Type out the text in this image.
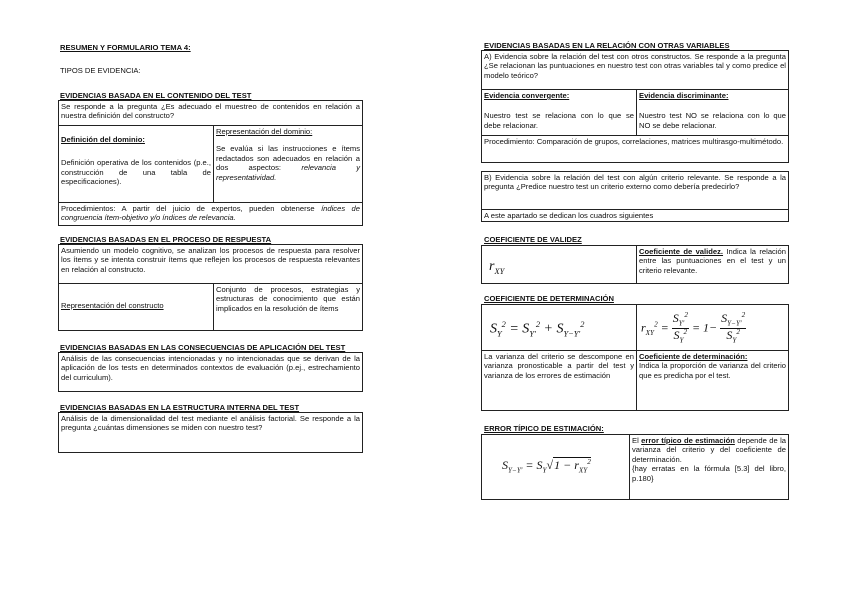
RESUMEN Y FORMULARIO TEMA 4:
TIPOS DE EVIDENCIA:
EVIDENCIAS BASADA EN EL CONTENIDO DEL TEST
Se responde a la pregunta ¿Es adecuado el muestreo de contenidos en relación a nuestra definición del constructo?
Definición del dominio:
Definición operativa de los contenidos (p.e., construcción de una tabla de especificaciones).
Representación del dominio:
Se evalúa si las instrucciones e ítems redactados son adecuados en relación a dos aspectos:	relevancia y representatividad.
Procedimientos: A partir del juicio de expertos, pueden obtenerse índices de congruencia ítem-objetivo y/o índices de relevancia.
EVIDENCIAS BASADAS EN EL PROCESO DE RESPUESTA
Asumiendo un modelo cognitivo, se analizan los procesos de respuesta para resolver los ítems y se intenta construir ítems que reflejen los procesos de respuesta relevantes en relación al constructo.
Representación del constructo
Conjunto de procesos, estrategias y estructuras de conocimiento que están implicados en la resolución de ítems
EVIDENCIAS BASADAS EN LAS CONSECUENCIAS DE APLICACIÓN DEL TEST
Análisis de las consecuencias intencionadas y no intencionadas que se derivan de la aplicación de los tests en determinados contextos de evaluación (p.ej., estrechamiento del curriculum).
EVIDENCIAS BASADAS EN LA ESTRUCTURA INTERNA DEL TEST
Análisis de la dimensionalidad del test mediante el análisis factorial. Se responde a la pregunta ¿cuántas dimensiones se miden con nuestro test?
EVIDENCIAS BASADAS EN LA RELACIÓN CON OTRAS VARIABLES
A) Evidencia sobre la relación del test con otros constructos. Se responde a la pregunta ¿Se relacionan las puntuaciones en nuestro test con otras variables tal y como predice el modelo teórico?
Evidencia convergente:
Nuestro test se relaciona con lo que se debe relacionar.
Evidencia discriminante:
Nuestro test NO se relaciona con lo que NO se debe relacionar.
Procedimiento: Comparación de grupos, correlaciones, matrices multirasgo-multimétodo.
B) Evidencia sobre la relación del test con algún criterio relevante. Se responde a la pregunta ¿Predice nuestro test un criterio externo como debería predecirlo?
A este apartado se dedican los cuadros siguientes
COEFICIENTE DE VALIDEZ
$r_{XY}$
Coeficiente de validez. Indica la relación entre las puntuaciones en el test y un criterio relevante.
COEFICIENTE DE DETERMINACIÓN
$S_Y^2 = S_{Y'}^2 + S_{Y-Y'}^2$	$r_{XY}^2 = \frac{S_{Y'}^2}{S_Y^2} = 1- \frac{S_{Y-Y'}^2}{S_Y^2}$
La varianza del criterio se descompone en varianza pronosticable a partir del test y varianza de los errores de estimación
Coeficiente de determinación:
Indica la proporción de varianza del criterio que es predicha por el test.
ERROR TÍPICO DE ESTIMACIÓN:
$S_{Y-Y'} = S_Y√1 - r_{XY}^2$
El error típico de estimación depende de la varianza del criterio y del coeficiente de determinación.
{hay erratas en la fórmula [5.3] del libro, p.180}
